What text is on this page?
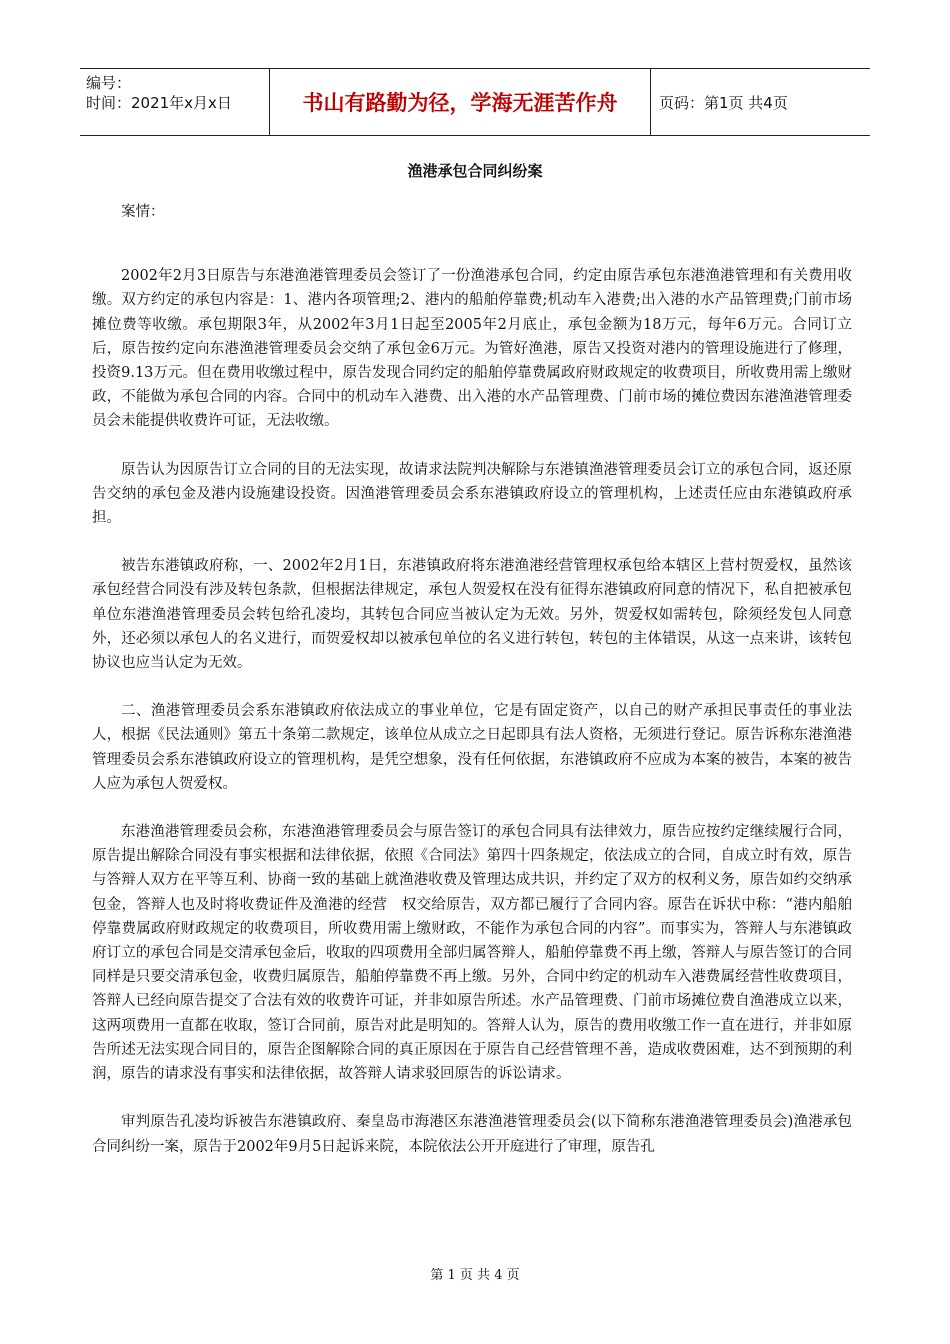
编号：
时间：2021年x月x日	书山有路勤为径，学海无涯苦作舟	页码：第1页 共4页
渔港承包合同纠纷案

案情：

2002年2月3日原告与东港渔港管理委员会签订了一份渔港承包合同，约定由原告承包东港渔港管理和有关费用收缴。双方约定的承包内容是：1、港内各项管理;2、港内的船舶停靠费;机动车入港费;出入港的水产品管理费;门前市场摊位费等收缴。承包期限3年，从2002年3月1日起至2005年2月底止，承包金额为18万元，每年6万元。合同订立后，原告按约定向东港渔港管理委员会交纳了承包金6万元。为管好渔港，原告又投资对港内的管理设施进行了修理，投资9.13万元。但在费用收缴过程中，原告发现合同约定的船舶停靠费属政府财政规定的收费项目，所收费用需上缴财政，不能做为承包合同的内容。合同中的机动车入港费、出入港的水产品管理费、门前市场的摊位费因东港渔港管理委员会未能提供收费许可证，无法收缴。

原告认为因原告订立合同的目的无法实现，故请求法院判决解除与东港镇渔港管理委员会订立的承包合同，返还原告交纳的承包金及港内设施建设投资。因渔港管理委员会系东港镇政府设立的管理机构，上述责任应由东港镇政府承担。

被告东港镇政府称，一、2002年2月1日，东港镇政府将东港渔港经营管理权承包给本辖区上营村贺爱权，虽然该承包经营合同没有涉及转包条款，但根据法律规定，承包人贺爱权在没有征得东港镇政府同意的情况下，私自把被承包单位东港渔港管理委员会转包给孔凌均，其转包合同应当被认定为无效。另外，贺爱权如需转包，除须经发包人同意外，还必须以承包人的名义进行，而贺爱权却以被承包单位的名义进行转包，转包的主体错误，从这一点来讲，该转包协议也应当认定为无效。

二、渔港管理委员会系东港镇政府依法成立的事业单位，它是有固定资产，以自己的财产承担民事责任的事业法人，根据《民法通则》第五十条第二款规定，该单位从成立之日起即具有法人资格，无须进行登记。原告诉称东港渔港管理委员会系东港镇政府设立的管理机构，是凭空想象，没有任何依据，东港镇政府不应成为本案的被告，本案的被告人应为承包人贺爱权。

东港渔港管理委员会称，东港渔港管理委员会与原告签订的承包合同具有法律效力，原告应按约定继续履行合同，原告提出解除合同没有事实根据和法律依据，依照《合同法》第四十四条规定，依法成立的合同，自成立时有效，原告与答辩人双方在平等互利、协商一致的基础上就渔港收费及管理达成共识，并约定了双方的权利义务，原告如约交纳承包金，答辩人也及时将收费证件及渔港的经营　权交给原告，双方都已履行了合同内容。原告在诉状中称：“港内船舶停靠费属政府财政规定的收费项目，所收费用需上缴财政，不能作为承包合同的内容”。而事实为，答辩人与东港镇政府订立的承包合同是交清承包金后，收取的四项费用全部归属答辩人，船舶停靠费不再上缴，答辩人与原告签订的合同同样是只要交清承包金，收费归属原告，船舶停靠费不再上缴。另外，合同中约定的机动车入港费属经营性收费项目，答辩人已经向原告提交了合法有效的收费许可证，并非如原告所述。水产品管理费、门前市场摊位费自渔港成立以来，这两项费用一直都在收取，签订合同前，原告对此是明知的。答辩人认为，原告的费用收缴工作一直在进行，并非如原告所述无法实现合同目的，原告企图解除合同的真正原因在于原告自己经营管理不善，造成收费困难，达不到预期的利润，原告的请求没有事实和法律依据，故答辩人请求驳回原告的诉讼请求。

审判原告孔凌均诉被告东港镇政府、秦皇岛市海港区东港渔港管理委员会(以下简称东港渔港管理委员会)渔港承包合同纠纷一案，原告于2002年9月5日起诉来院，本院依法公开开庭进行了审理，原告孔

第 1 页 共 4 页
